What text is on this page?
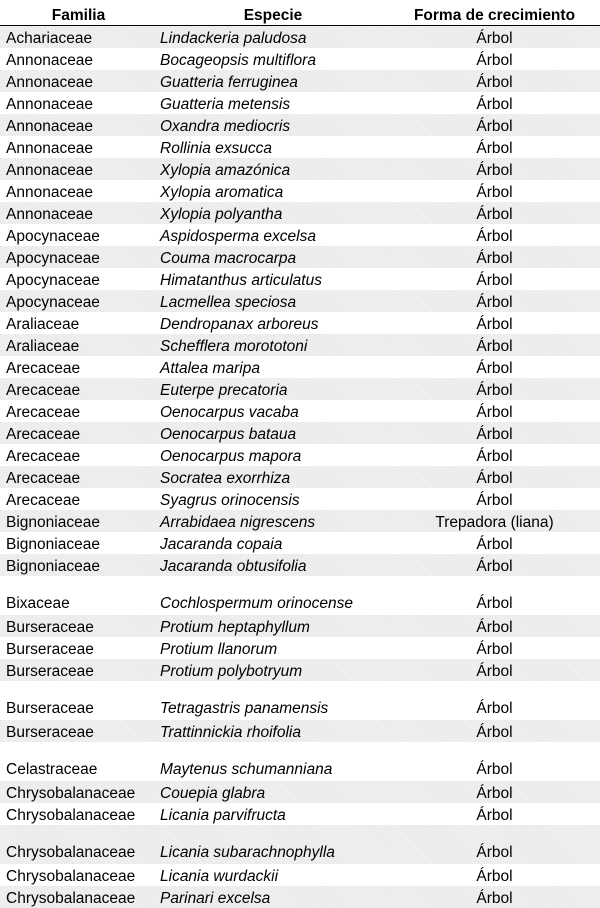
Familia	Especie	Forma de crecimiento
Achariaceae	Lindackeria paludosa	Árbol
Annonaceae	Bocageopsis multiflora	Árbol
Annonaceae	Guatteria ferruginea	Árbol
Annonaceae	Guatteria metensis	Árbol
Annonaceae	Oxandra mediocris	Árbol
Annonaceae	Rollinia exsucca	Árbol
Annonaceae	Xylopia amazónica	Árbol
Annonaceae	Xylopia aromatica	Árbol
Annonaceae	Xylopia polyantha	Árbol
Apocynaceae	Aspidosperma excelsa	Árbol
Apocynaceae	Couma macrocarpa	Árbol
Apocynaceae	Himatanthus articulatus	Árbol
Apocynaceae	Lacmellea speciosa	Árbol
Araliaceae	Dendropanax arboreus	Árbol
Araliaceae	Schefflera morototoni	Árbol
Arecaceae	Attalea maripa	Árbol
Arecaceae	Euterpe precatoria	Árbol
Arecaceae	Oenocarpus vacaba	Árbol
Arecaceae	Oenocarpus bataua	Árbol
Arecaceae	Oenocarpus mapora	Árbol
Arecaceae	Socratea exorrhiza	Árbol
Arecaceae	Syagrus orinocensis	Árbol
Bignoniaceae	Arrabidaea nigrescens	Trepadora (liana)
Bignoniaceae	Jacaranda copaia	Árbol
Bignoniaceae	Jacaranda obtusifolia	Árbol
Bixaceae	Cochlospermum orinocense	Árbol
Burseraceae	Protium heptaphyllum	Árbol
Burseraceae	Protium llanorum	Árbol
Burseraceae	Protium polybotryum	Árbol
Burseraceae	Tetragastris panamensis	Árbol
Burseraceae	Trattinnickia rhoifolia	Árbol
Celastraceae	Maytenus schumanniana	Árbol
Chrysobalanaceae	Couepia glabra	Árbol
Chrysobalanaceae	Licania parvifructa	Árbol
Chrysobalanaceae	Licania subarachnophylla	Árbol
Chrysobalanaceae	Licania wurdackii	Árbol
Chrysobalanaceae	Parinari excelsa	Árbol
